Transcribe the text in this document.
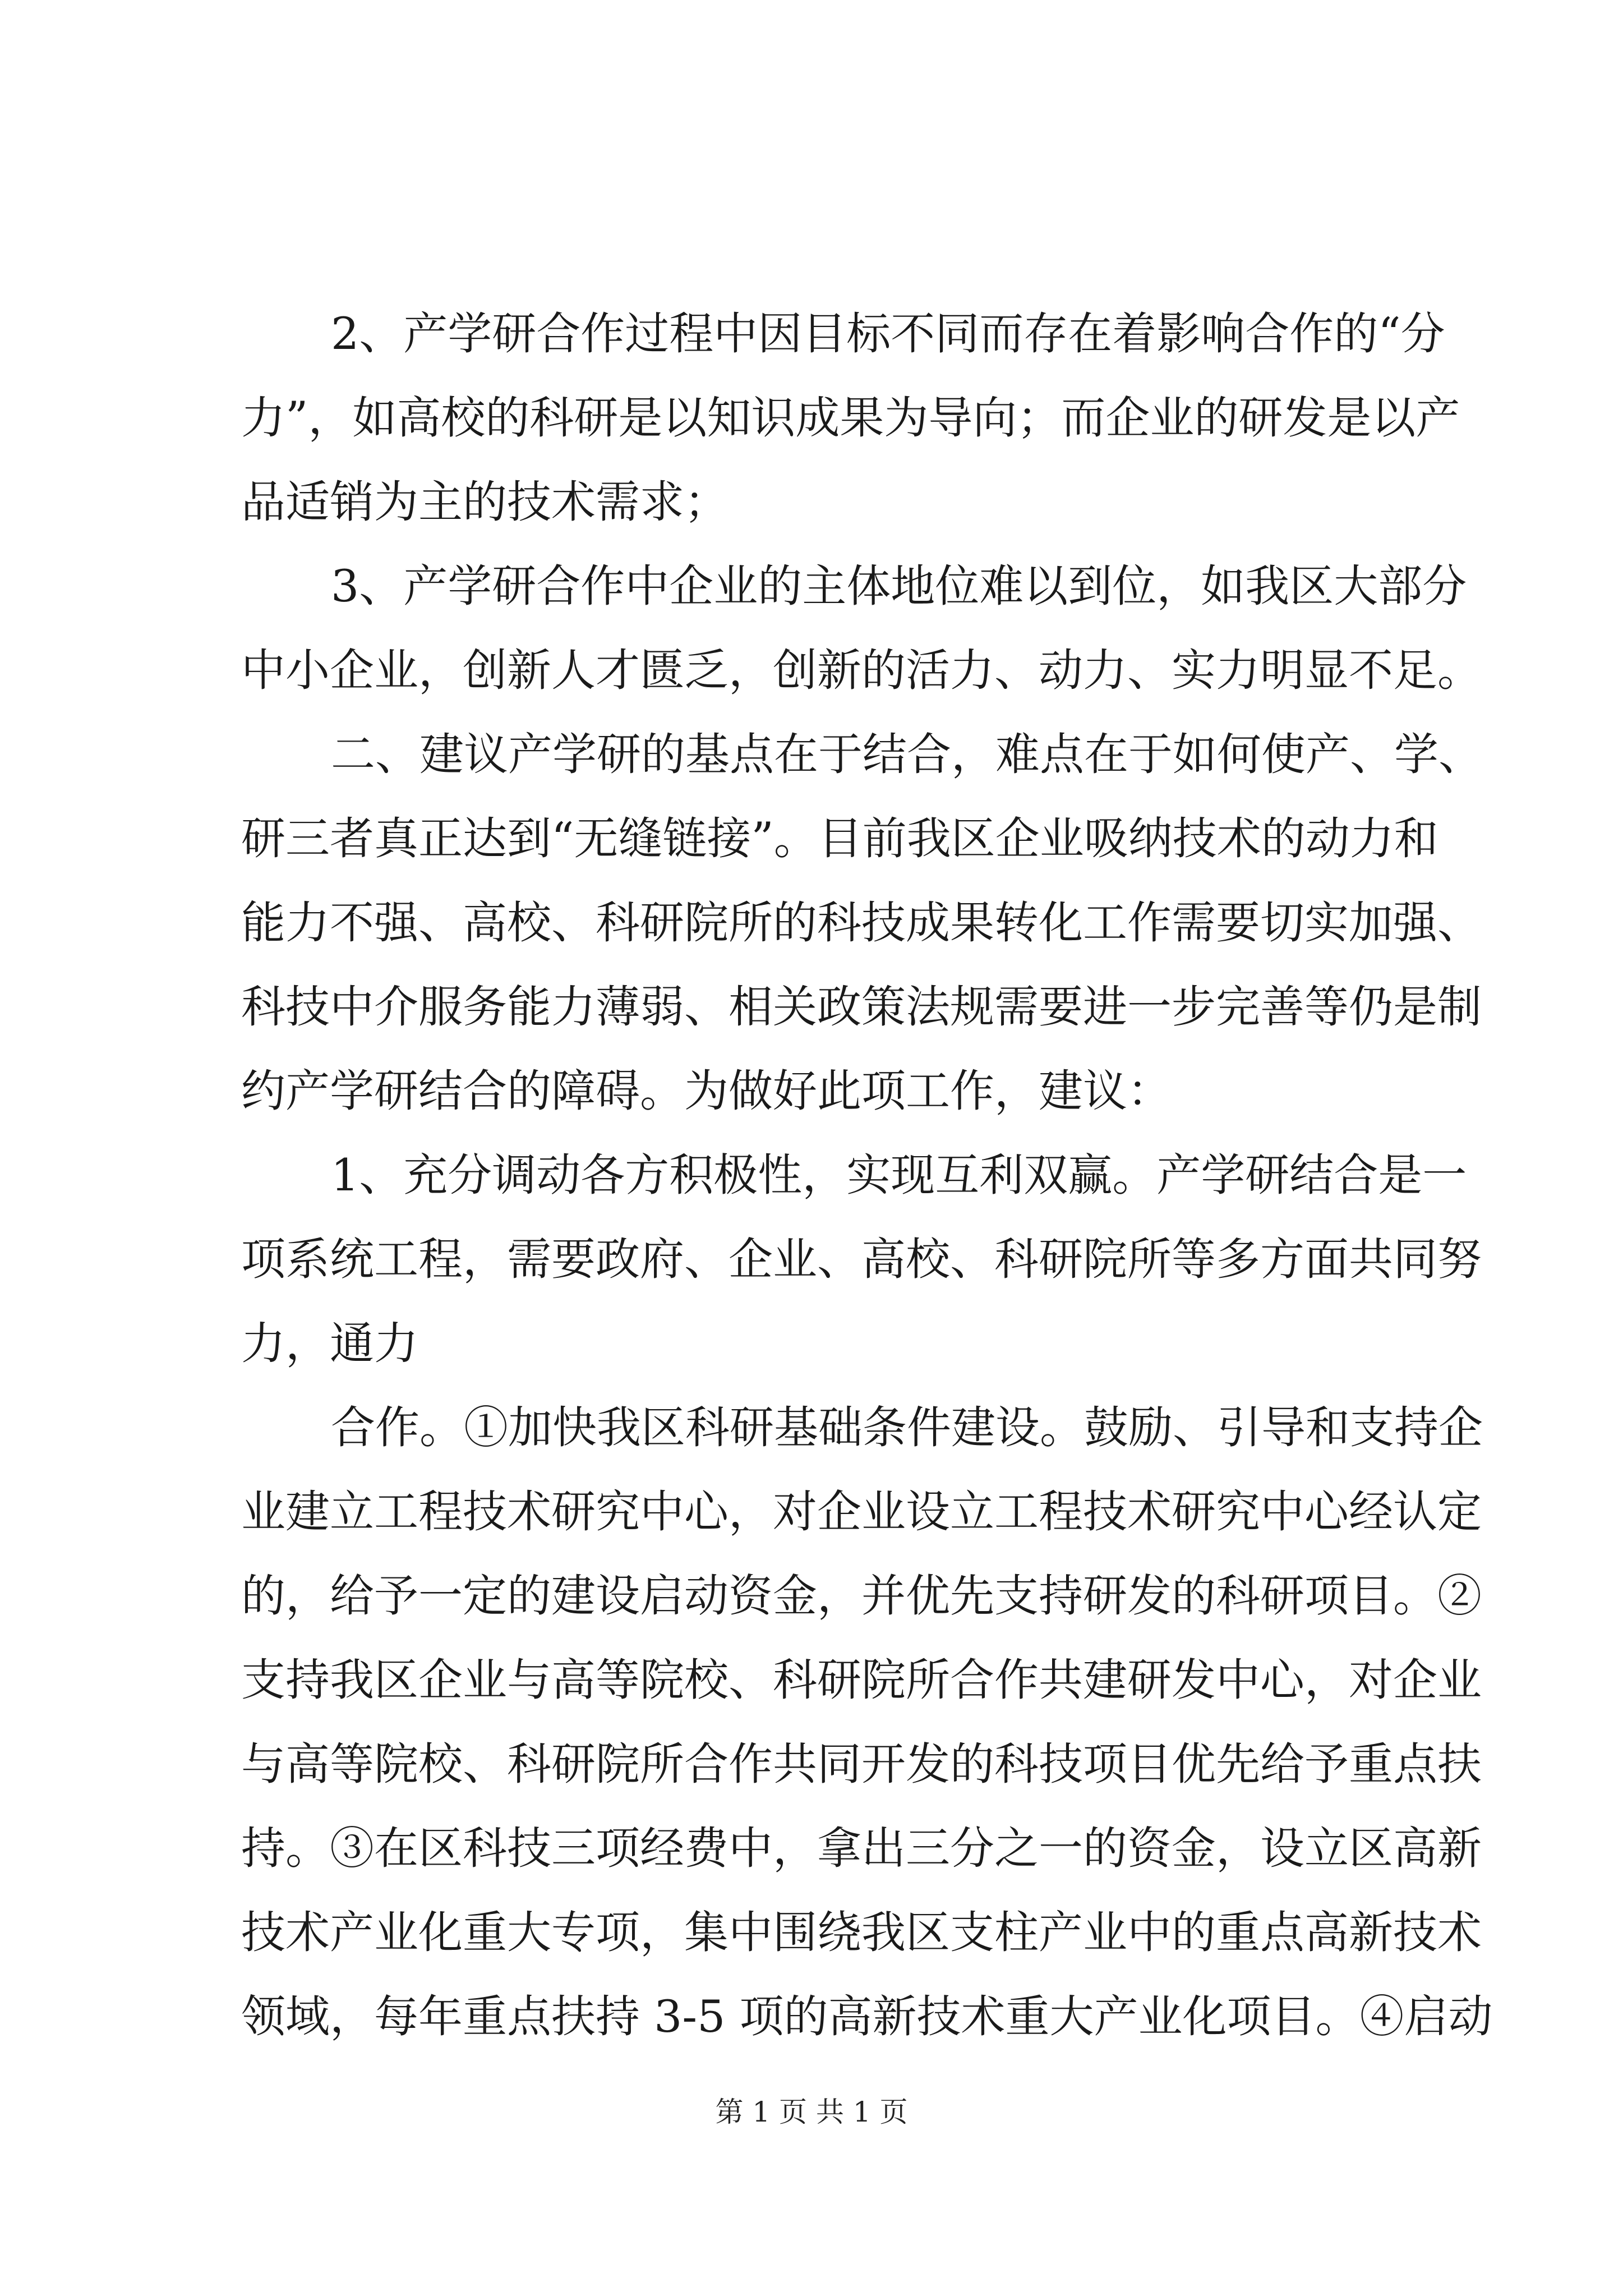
2、产学研合作过程中因目标不同而存在着影响合作的“分
力”，如高校的科研是以知识成果为导向；而企业的研发是以产
品适销为主的技术需求；
3、产学研合作中企业的主体地位难以到位，如我区大部分
中小企业，创新人才匮乏，创新的活力、动力、实力明显不足。
二、建议产学研的基点在于结合，难点在于如何使产、学、
研三者真正达到“无缝链接”。目前我区企业吸纳技术的动力和
能力不强、高校、科研院所的科技成果转化工作需要切实加强、
科技中介服务能力薄弱、相关政策法规需要进一步完善等仍是制
约产学研结合的障碍。为做好此项工作，建议：
1、充分调动各方积极性，实现互利双赢。产学研结合是一
项系统工程，需要政府、企业、高校、科研院所等多方面共同努
力，通力
合作。①加快我区科研基础条件建设。鼓励、引导和支持企
业建立工程技术研究中心，对企业设立工程技术研究中心经认定
的，给予一定的建设启动资金，并优先支持研发的科研项目。②
支持我区企业与高等院校、科研院所合作共建研发中心，对企业
与高等院校、科研院所合作共同开发的科技项目优先给予重点扶
持。③在区科技三项经费中，拿出三分之一的资金，设立区高新
技术产业化重大专项，集中围绕我区支柱产业中的重点高新技术
领域，每年重点扶持 3-5 项的高新技术重大产业化项目。④启动
第 1 页 共 1 页
